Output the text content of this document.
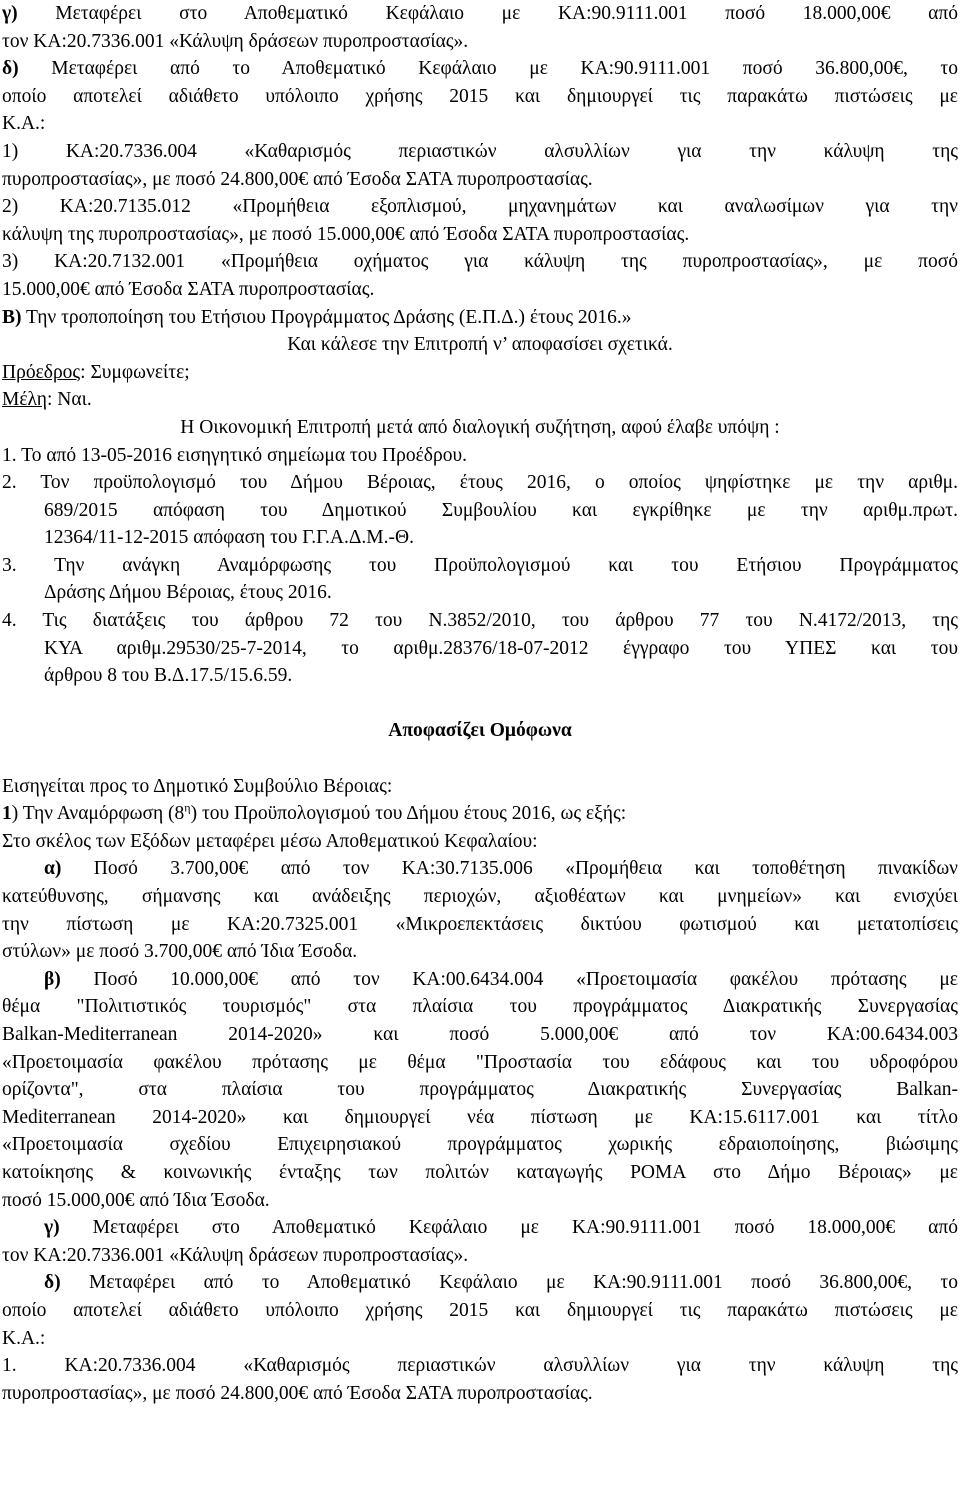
γ) Μεταφέρει στο Αποθεματικό Κεφάλαιο με ΚΑ:90.9111.001 ποσό 18.000,00€ από
τον ΚΑ:20.7336.001 «Κάλυψη δράσεων πυροπροστασίας».
δ) Μεταφέρει από το Αποθεματικό Κεφάλαιο με ΚΑ:90.9111.001 ποσό 36.800,00€, το
οποίο αποτελεί αδιάθετο υπόλοιπο χρήσης 2015 και δημιουργεί τις παρακάτω πιστώσεις με
Κ.Α.:
1) ΚΑ:20.7336.004 «Καθαρισμός περιαστικών αλσυλλίων για την κάλυψη της
πυροπροστασίας», με ποσό 24.800,00€ από Έσοδα ΣΑΤΑ πυροπροστασίας.
2) ΚΑ:20.7135.012 «Προμήθεια εξοπλισμού, μηχανημάτων και αναλωσίμων για την
κάλυψη της πυροπροστασίας», με ποσό 15.000,00€ από Έσοδα ΣΑΤΑ πυροπροστασίας.
3) ΚΑ:20.7132.001 «Προμήθεια οχήματος για κάλυψη της πυροπροστασίας», με ποσό
15.000,00€ από Έσοδα ΣΑΤΑ πυροπροστασίας.
Β) Την τροποποίηση του Ετήσιου Προγράμματος Δράσης (Ε.Π.Δ.) έτους 2016.»
Και κάλεσε την Επιτροπή ν’ αποφασίσει σχετικά.
Πρόεδρος: Συμφωνείτε;
Μέλη: Ναι.
Η Οικονομική Επιτροπή μετά από διαλογική συζήτηση, αφού έλαβε υπόψη :
1. Το από 13-05-2016 εισηγητικό σημείωμα του Προέδρου.
2. Τον προϋπολογισμό του Δήμου Βέροιας, έτους 2016, ο οποίος ψηφίστηκε με την αριθμ.
689/2015 απόφαση του Δημοτικού Συμβουλίου και εγκρίθηκε με την αριθμ.πρωτ.
12364/11-12-2015 απόφαση του Γ.Γ.Α.Δ.Μ.-Θ.
3. Την ανάγκη Αναμόρφωσης του Προϋπολογισμού και του Ετήσιου Προγράμματος
Δράσης Δήμου Βέροιας, έτους 2016.
4. Τις διατάξεις του άρθρου 72 του Ν.3852/2010, του άρθρου 77 του Ν.4172/2013, της
ΚΥΑ αριθμ.29530/25-7-2014, το αριθμ.28376/18-07-2012 έγγραφο του ΥΠΕΣ και του
άρθρου 8 του Β.Δ.17.5/15.6.59.
Αποφασίζει Ομόφωνα
Εισηγείται προς το Δημοτικό Συμβούλιο Βέροιας:
1) Την Αναμόρφωση $(8^\eta)$ του Προϋπολογισμού του Δήμου έτους 2016, ως εξής:
Στο σκέλος των Εξόδων μεταφέρει μέσω Αποθεματικού Κεφαλαίου:
α) Ποσό 3.700,00€ από τον ΚΑ:30.7135.006 «Προμήθεια και τοποθέτηση πινακίδων
κατεύθυνσης, σήμανσης και ανάδειξης περιοχών, αξιοθέατων και μνημείων» και ενισχύει
την πίστωση με ΚΑ:20.7325.001 «Μικροεπεκτάσεις δικτύου φωτισμού και μετατοπίσεις
στύλων» με ποσό 3.700,00€ από Ίδια Έσοδα.
β) Ποσό 10.000,00€ από τον ΚΑ:00.6434.004 «Προετοιμασία φακέλου πρότασης με
θέμα "Πολιτιστικός τουρισμός" στα πλαίσια του προγράμματος Διακρατικής Συνεργασίας
Balkan-Mediterranean 2014-2020» και ποσό 5.000,00€ από τον ΚΑ:00.6434.003
«Προετοιμασία φακέλου πρότασης με θέμα "Προστασία του εδάφους και του υδροφόρου
ορίζοντα", στα πλαίσια του προγράμματος Διακρατικής Συνεργασίας Balkan-
Mediterranean 2014-2020» και δημιουργεί νέα πίστωση με ΚΑ:15.6117.001 και τίτλο
«Προετοιμασία σχεδίου Επιχειρησιακού προγράμματος χωρικής εδραιοποίησης, βιώσιμης
κατοίκησης & κοινωνικής ένταξης των πολιτών καταγωγής ΡΟΜΑ στο Δήμο Βέροιας» με
ποσό 15.000,00€ από Ίδια Έσοδα.
γ) Μεταφέρει στο Αποθεματικό Κεφάλαιο με ΚΑ:90.9111.001 ποσό 18.000,00€ από
τον ΚΑ:20.7336.001 «Κάλυψη δράσεων πυροπροστασίας».
δ) Μεταφέρει από το Αποθεματικό Κεφάλαιο με ΚΑ:90.9111.001 ποσό 36.800,00€, το
οποίο αποτελεί αδιάθετο υπόλοιπο χρήσης 2015 και δημιουργεί τις παρακάτω πιστώσεις με
Κ.Α.:
1. ΚΑ:20.7336.004 «Καθαρισμός περιαστικών αλσυλλίων για την κάλυψη της
πυροπροστασίας», με ποσό 24.800,00€ από Έσοδα ΣΑΤΑ πυροπροστασίας.
